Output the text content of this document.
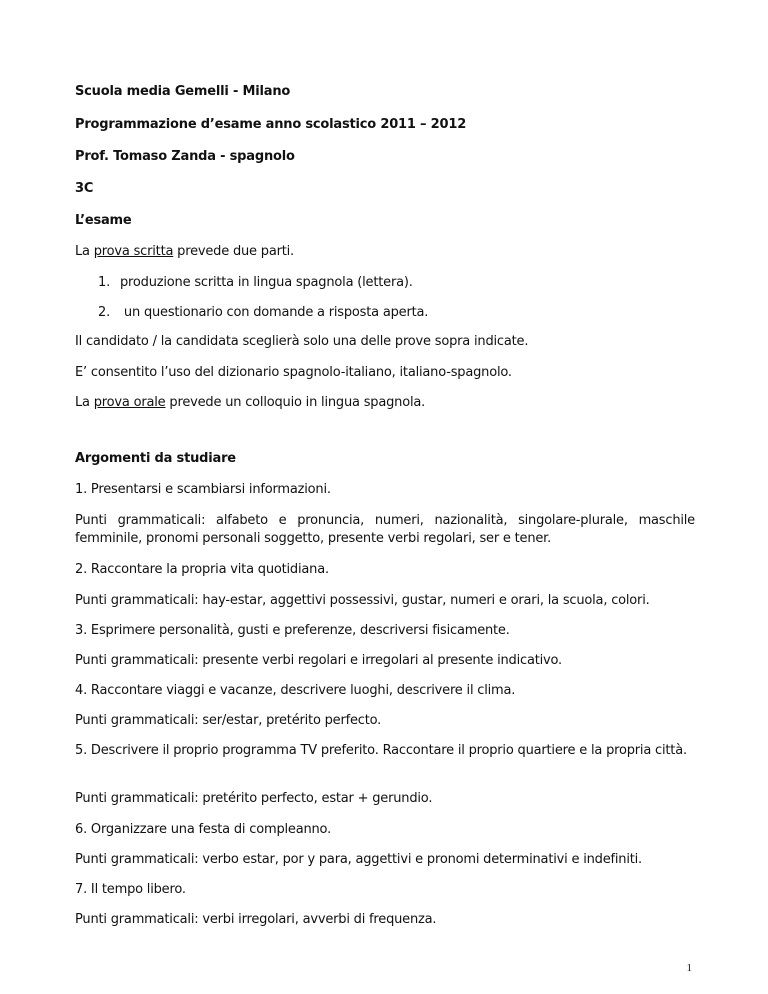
Scuola media Gemelli - Milano
Programmazione d’esame anno scolastico 2011 – 2012
Prof. Tomaso Zanda - spagnolo
3C
L’esame
La prova scritta prevede due parti.
1. produzione scritta in lingua spagnola (lettera).
2. un questionario con domande a risposta aperta.
Il candidato / la candidata sceglierà solo una delle prove sopra indicate.
E’ consentito l’uso del dizionario spagnolo-italiano, italiano-spagnolo.
La prova orale prevede un colloquio in lingua spagnola.
Argomenti da studiare
1. Presentarsi e scambiarsi informazioni.
Punti grammaticali: alfabeto e pronuncia, numeri, nazionalità, singolare-plurale, maschile femminile, pronomi personali soggetto, presente verbi regolari, ser e tener.
2. Raccontare la propria vita quotidiana.
Punti grammaticali: hay-estar, aggettivi possessivi, gustar, numeri e orari, la scuola, colori.
3. Esprimere personalità, gusti e preferenze, descriversi fisicamente.
Punti grammaticali: presente verbi regolari e irregolari al presente indicativo.
4. Raccontare viaggi e vacanze, descrivere luoghi, descrivere il clima.
Punti grammaticali: ser/estar, pretérito perfecto.
5. Descrivere il proprio programma TV preferito. Raccontare il proprio quartiere e la propria città.
Punti grammaticali: pretérito perfecto, estar + gerundio.
6. Organizzare una festa di compleanno.
Punti grammaticali: verbo estar, por y para, aggettivi e pronomi determinativi e indefiniti.
7. Il tempo libero.
Punti grammaticali: verbi irregolari, avverbi di frequenza.
1
